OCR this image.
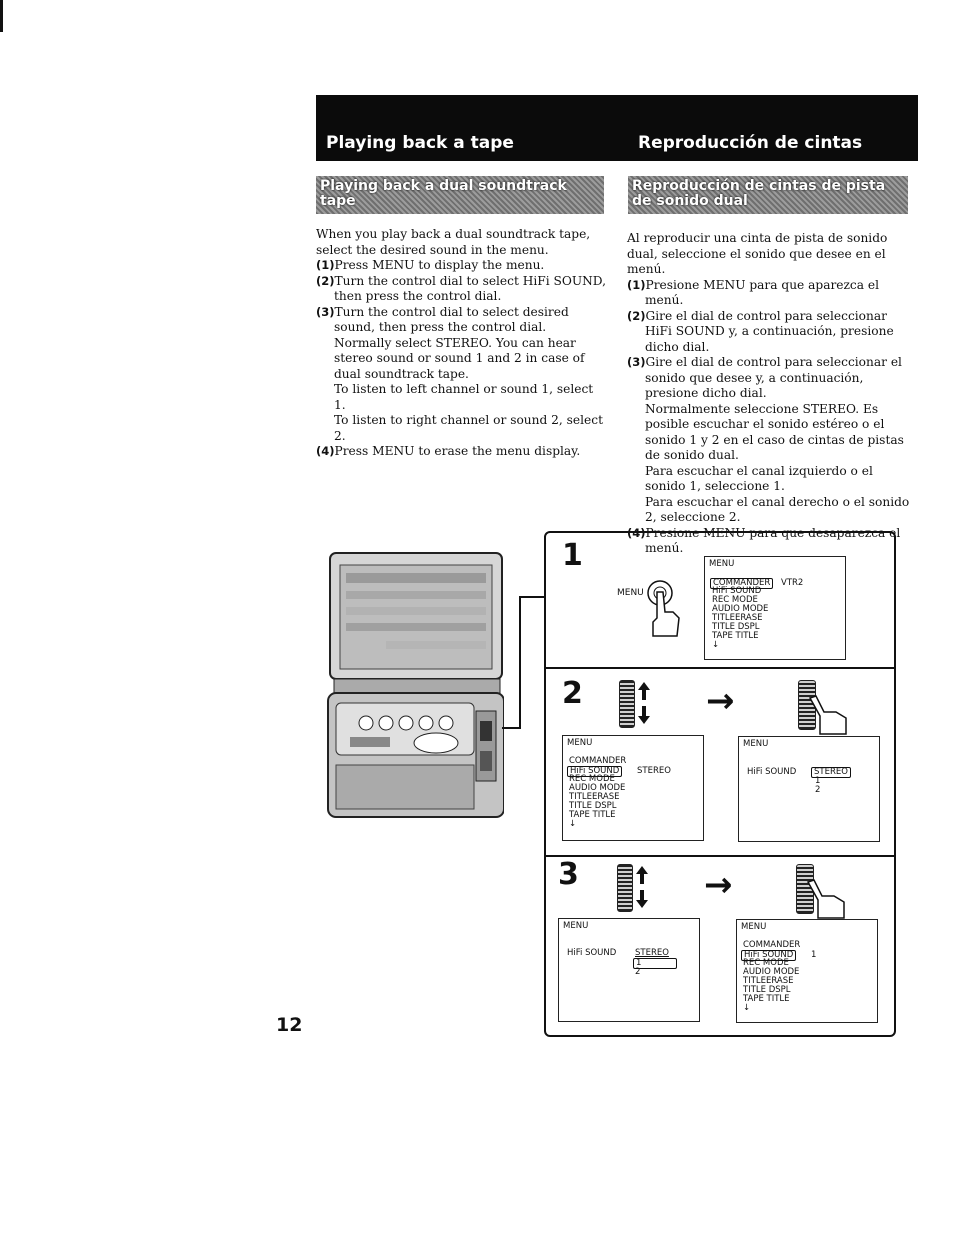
Playing back a tape	Reproducción de cintas
Playing back a dual soundtrack tape
Reproducción de cintas de pista de sonido dual

When you play back a dual soundtrack tape, select the desired sound in the menu.

(1)Press MENU to display the menu.

(2)Turn the control dial to select HiFi SOUND, then press the control dial.

(3)Turn the control dial to select desired sound, then press the control dial.

Normally select STEREO. You can hear stereo sound or sound 1 and 2 in case of dual soundtrack tape.

To listen to left channel or sound 1, select 1.

To listen to right channel or sound 2, select 2.

(4)Press MENU to erase the menu display.

Al reproducir una cinta de pista de sonido dual, seleccione el sonido que desee en el menú.

(1)Presione MENU para que aparezca el menú.

(2)Gire el dial de control para seleccionar HiFi SOUND y, a continuación, presione dicho dial.

(3)Gire el dial de control para seleccionar el sonido que desee y, a continuación, presione dicho dial.

Normalmente seleccione STEREO. Es posible escuchar el sonido estéreo o el sonido 1 y 2 en el caso de cintas de pistas de sonido dual.

Para escuchar el canal izquierdo o el sonido 1, seleccione 1.

Para escuchar el canal derecho o el sonido 2, seleccione 2.

(4)Presione MENU para que desaparezca el menú.

1
MENU
MENU
COMMANDER	VTR2
HiFi SOUND
REC MODE
AUDIO MODE
TITLEERASE
TITLE DSPL
TAPE TITLE
↓
2	→
MENU
COMMANDER
HiFi SOUND	STEREO
REC MODE
AUDIO MODE
TITLEERASE
TITLE DSPL
TAPE TITLE
↓
MENU
HiFi SOUND	STEREO
1
2
3	→
MENU
HiFi SOUND STEREO
1
2
MENU
COMMANDER
HiFi SOUND	1
REC MODE
AUDIO MODE
TITLEERASE
TITLE DSPL
TAPE TITLE
↓
12
